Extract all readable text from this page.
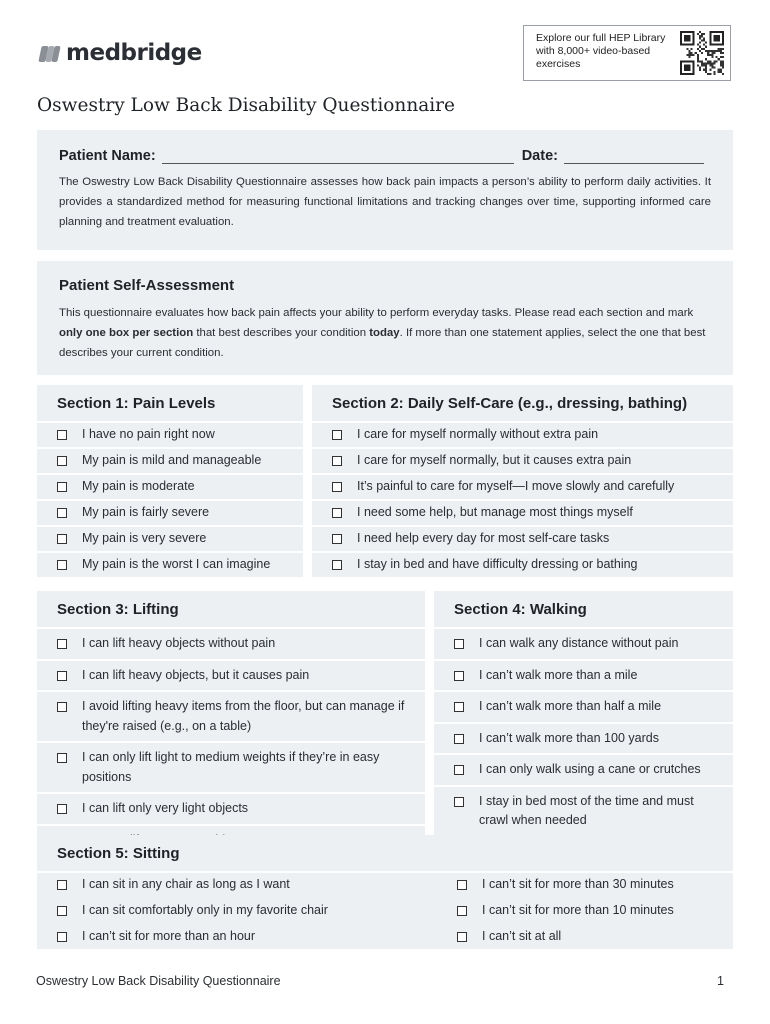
medbridge
Explore our full HEP Library with 8,000+ video-based exercises
Oswestry Low Back Disability Questionnaire
Patient Name:	Date:

The Oswestry Low Back Disability Questionnaire assesses how back pain impacts a person’s ability to perform daily activities. It provides a standardized method for measuring functional limitations and tracking changes over time, supporting informed care planning and treatment evaluation.

Patient Self-Assessment

This questionnaire evaluates how back pain affects your ability to perform everyday tasks. Please read each section and mark only one box per section that best describes your condition today. If more than one statement applies, select the one that best describes your current condition.

Section 1: Pain Levels
I have no pain right now
My pain is mild and manageable
My pain is moderate
My pain is fairly severe
My pain is very severe
My pain is the worst I can imagine
Section 2: Daily Self-Care (e.g., dressing, bathing)
I care for myself normally without extra pain
I care for myself normally, but it causes extra pain
It’s painful to care for myself—I move slowly and carefully
I need some help, but manage most things myself
I need help every day for most self-care tasks
I stay in bed and have difficulty dressing or bathing
Section 3: Lifting
I can lift heavy objects without pain
I can lift heavy objects, but it causes pain
I avoid lifting heavy items from the floor, but can manage if they're raised (e.g., on a table)
I can only lift light to medium weights if they’re in easy positions
I can lift only very light objects
Section 4: Walking
I can walk any distance without pain
I can’t walk more than a mile
I can’t walk more than half a mile
I can’t walk more than 100 yards
I can only walk using a cane or crutches
I stay in bed most of the time and must crawl when needed
Section 5: Sitting
I can sit in any chair as long as I want
I can sit comfortably only in my favorite chair
I can’t sit for more than an hour
I can’t sit for more than 30 minutes
I can’t sit for more than 10 minutes
I can’t sit at all
Oswestry Low Back Disability Questionnaire	1
